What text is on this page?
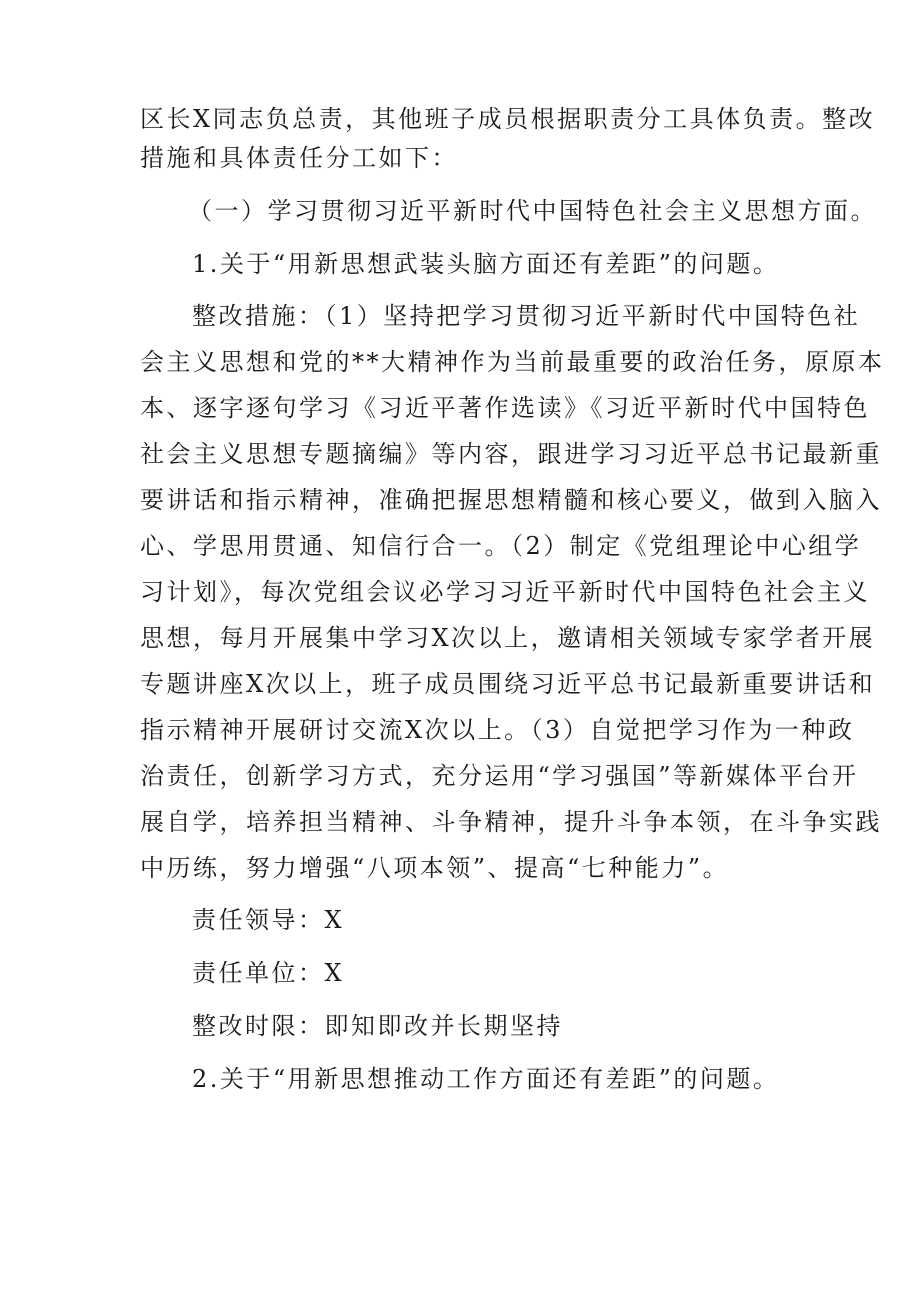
区长X同志负总责，其他班子成员根据职责分工具体负责。整改

措施和具体责任分工如下：

（一）学习贯彻习近平新时代中国特色社会主义思想方面。

1.关于“用新思想武装头脑方面还有差距”的问题。

整改措施：（1）坚持把学习贯彻习近平新时代中国特色社

会主义思想和党的**大精神作为当前最重要的政治任务，原原本

本、逐字逐句学习《习近平著作选读》《习近平新时代中国特色

社会主义思想专题摘编》等内容，跟进学习习近平总书记最新重

要讲话和指示精神，准确把握思想精髓和核心要义，做到入脑入

心、学思用贯通、知信行合一。（2）制定《党组理论中心组学

习计划》，每次党组会议必学习习近平新时代中国特色社会主义

思想，每月开展集中学习X次以上，邀请相关领域专家学者开展

专题讲座X次以上，班子成员围绕习近平总书记最新重要讲话和

指示精神开展研讨交流X次以上。（3）自觉把学习作为一种政

治责任，创新学习方式，充分运用“学习强国”等新媒体平台开

展自学，培养担当精神、斗争精神，提升斗争本领，在斗争实践

中历练，努力增强“八项本领”、提高“七种能力”。

责任领导：X

责任单位：X

整改时限：即知即改并长期坚持

2.关于“用新思想推动工作方面还有差距”的问题。
